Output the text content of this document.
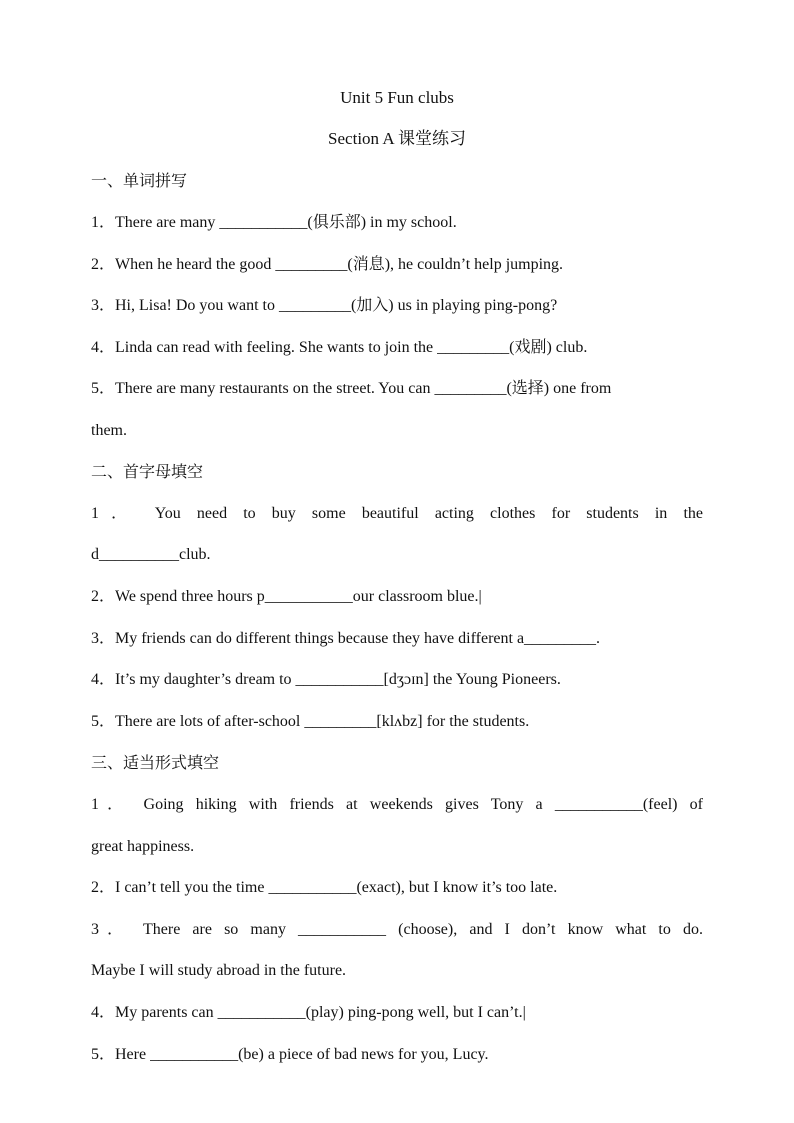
Unit 5 Fun clubs
Section A 课堂练习
一、单词拼写
1．There are many ___________(俱乐部) in my school.
2．When he heard the good _________(消息), he couldn’t help jumping.
3．Hi, Lisa! Do you want to _________(加入) us in playing ping-pong?
4．Linda can read with feeling. She wants to join the _________(戏剧) club.
5．There are many restaurants on the street. You can _________(选择) one from
them.
二、首字母填空
1． You need to buy some beautiful acting clothes for students in the
d__________club.
2．We spend three hours p___________our classroom blue.|
3．My friends can do different things because they have different a_________.
4．It’s my daughter’s dream to ___________[dʒɔɪn] the Young Pioneers.
5．There are lots of after-school _________[klʌbz] for the students.
三、适当形式填空
1． Going hiking with friends at weekends gives Tony a ___________(feel) of
great happiness.
2．I can’t tell you the time ___________(exact), but I know it’s too late.
3． There are so many ___________ (choose), and I don’t know what to do.
Maybe I will study abroad in the future.
4．My parents can ___________(play) ping-pong well, but I can’t.|
5．Here ___________(be) a piece of bad news for you, Lucy.
